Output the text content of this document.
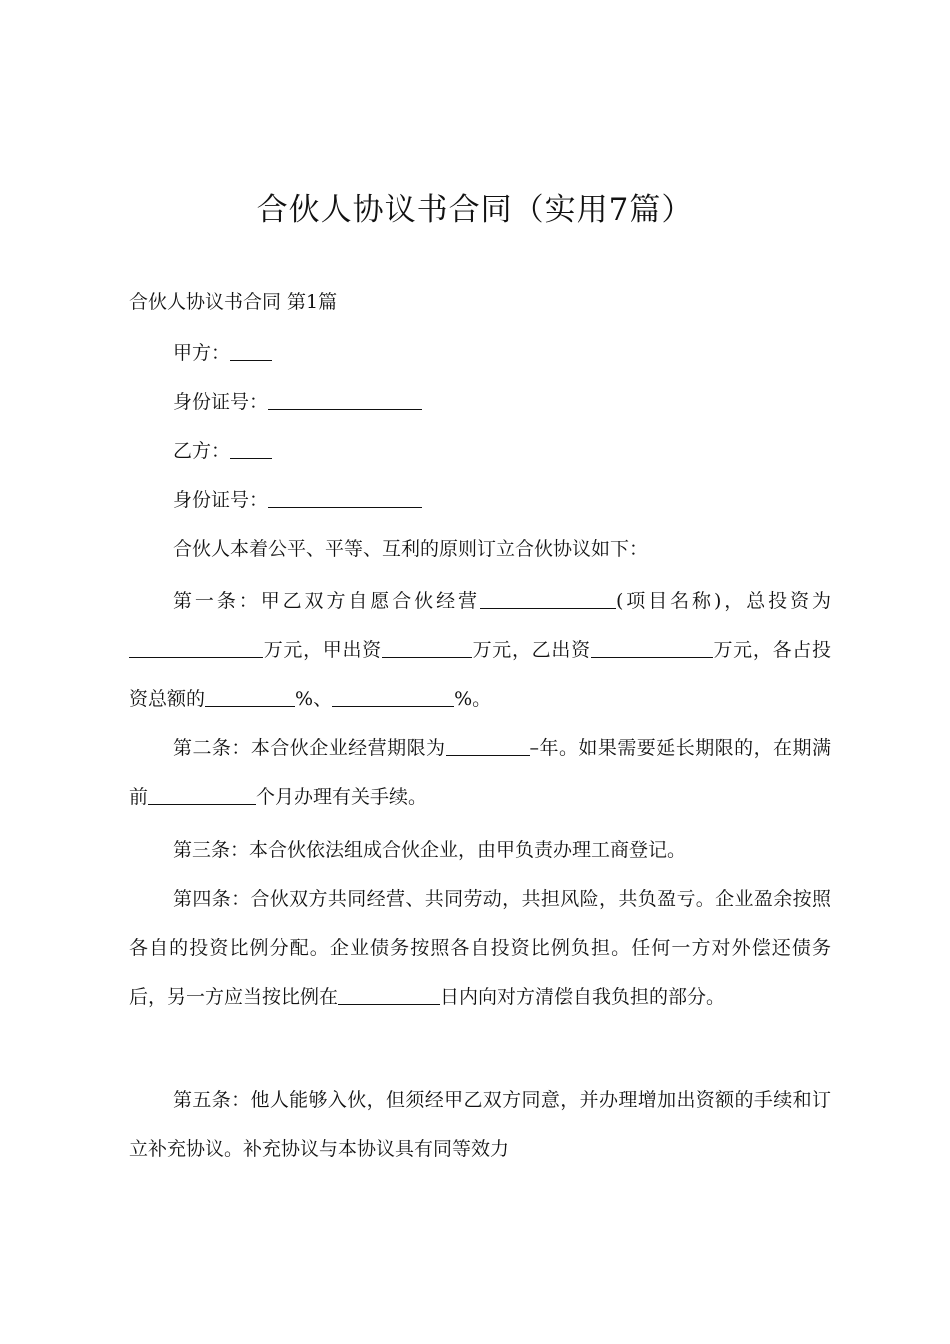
合伙人协议书合同（实用7篇）
合伙人协议书合同 第1篇

甲方：

身份证号：

乙方：

身份证号：

合伙人本着公平、平等、互利的原则订立合伙协议如下：

第一条：甲乙双方自愿合伙经营	(项目名称)，总投资为万元，甲出资	万元，乙出资	万元，各占投资总额的	%、	%。

第二条：本合伙企业经营期限为	–年。如果需要延长期限的，在期满前	个月办理有关手续。

第三条：本合伙依法组成合伙企业，由甲负责办理工商登记。

第四条：合伙双方共同经营、共同劳动，共担风险，共负盈亏。企业盈余按照各自的投资比例分配。企业债务按照各自投资比例负担。任何一方对外偿还债务后，另一方应当按比例在	日内向对方清偿自我负担的部分。

第五条：他人能够入伙，但须经甲乙双方同意，并办理增加出资额的手续和订立补充协议。补充协议与本协议具有同等效力
